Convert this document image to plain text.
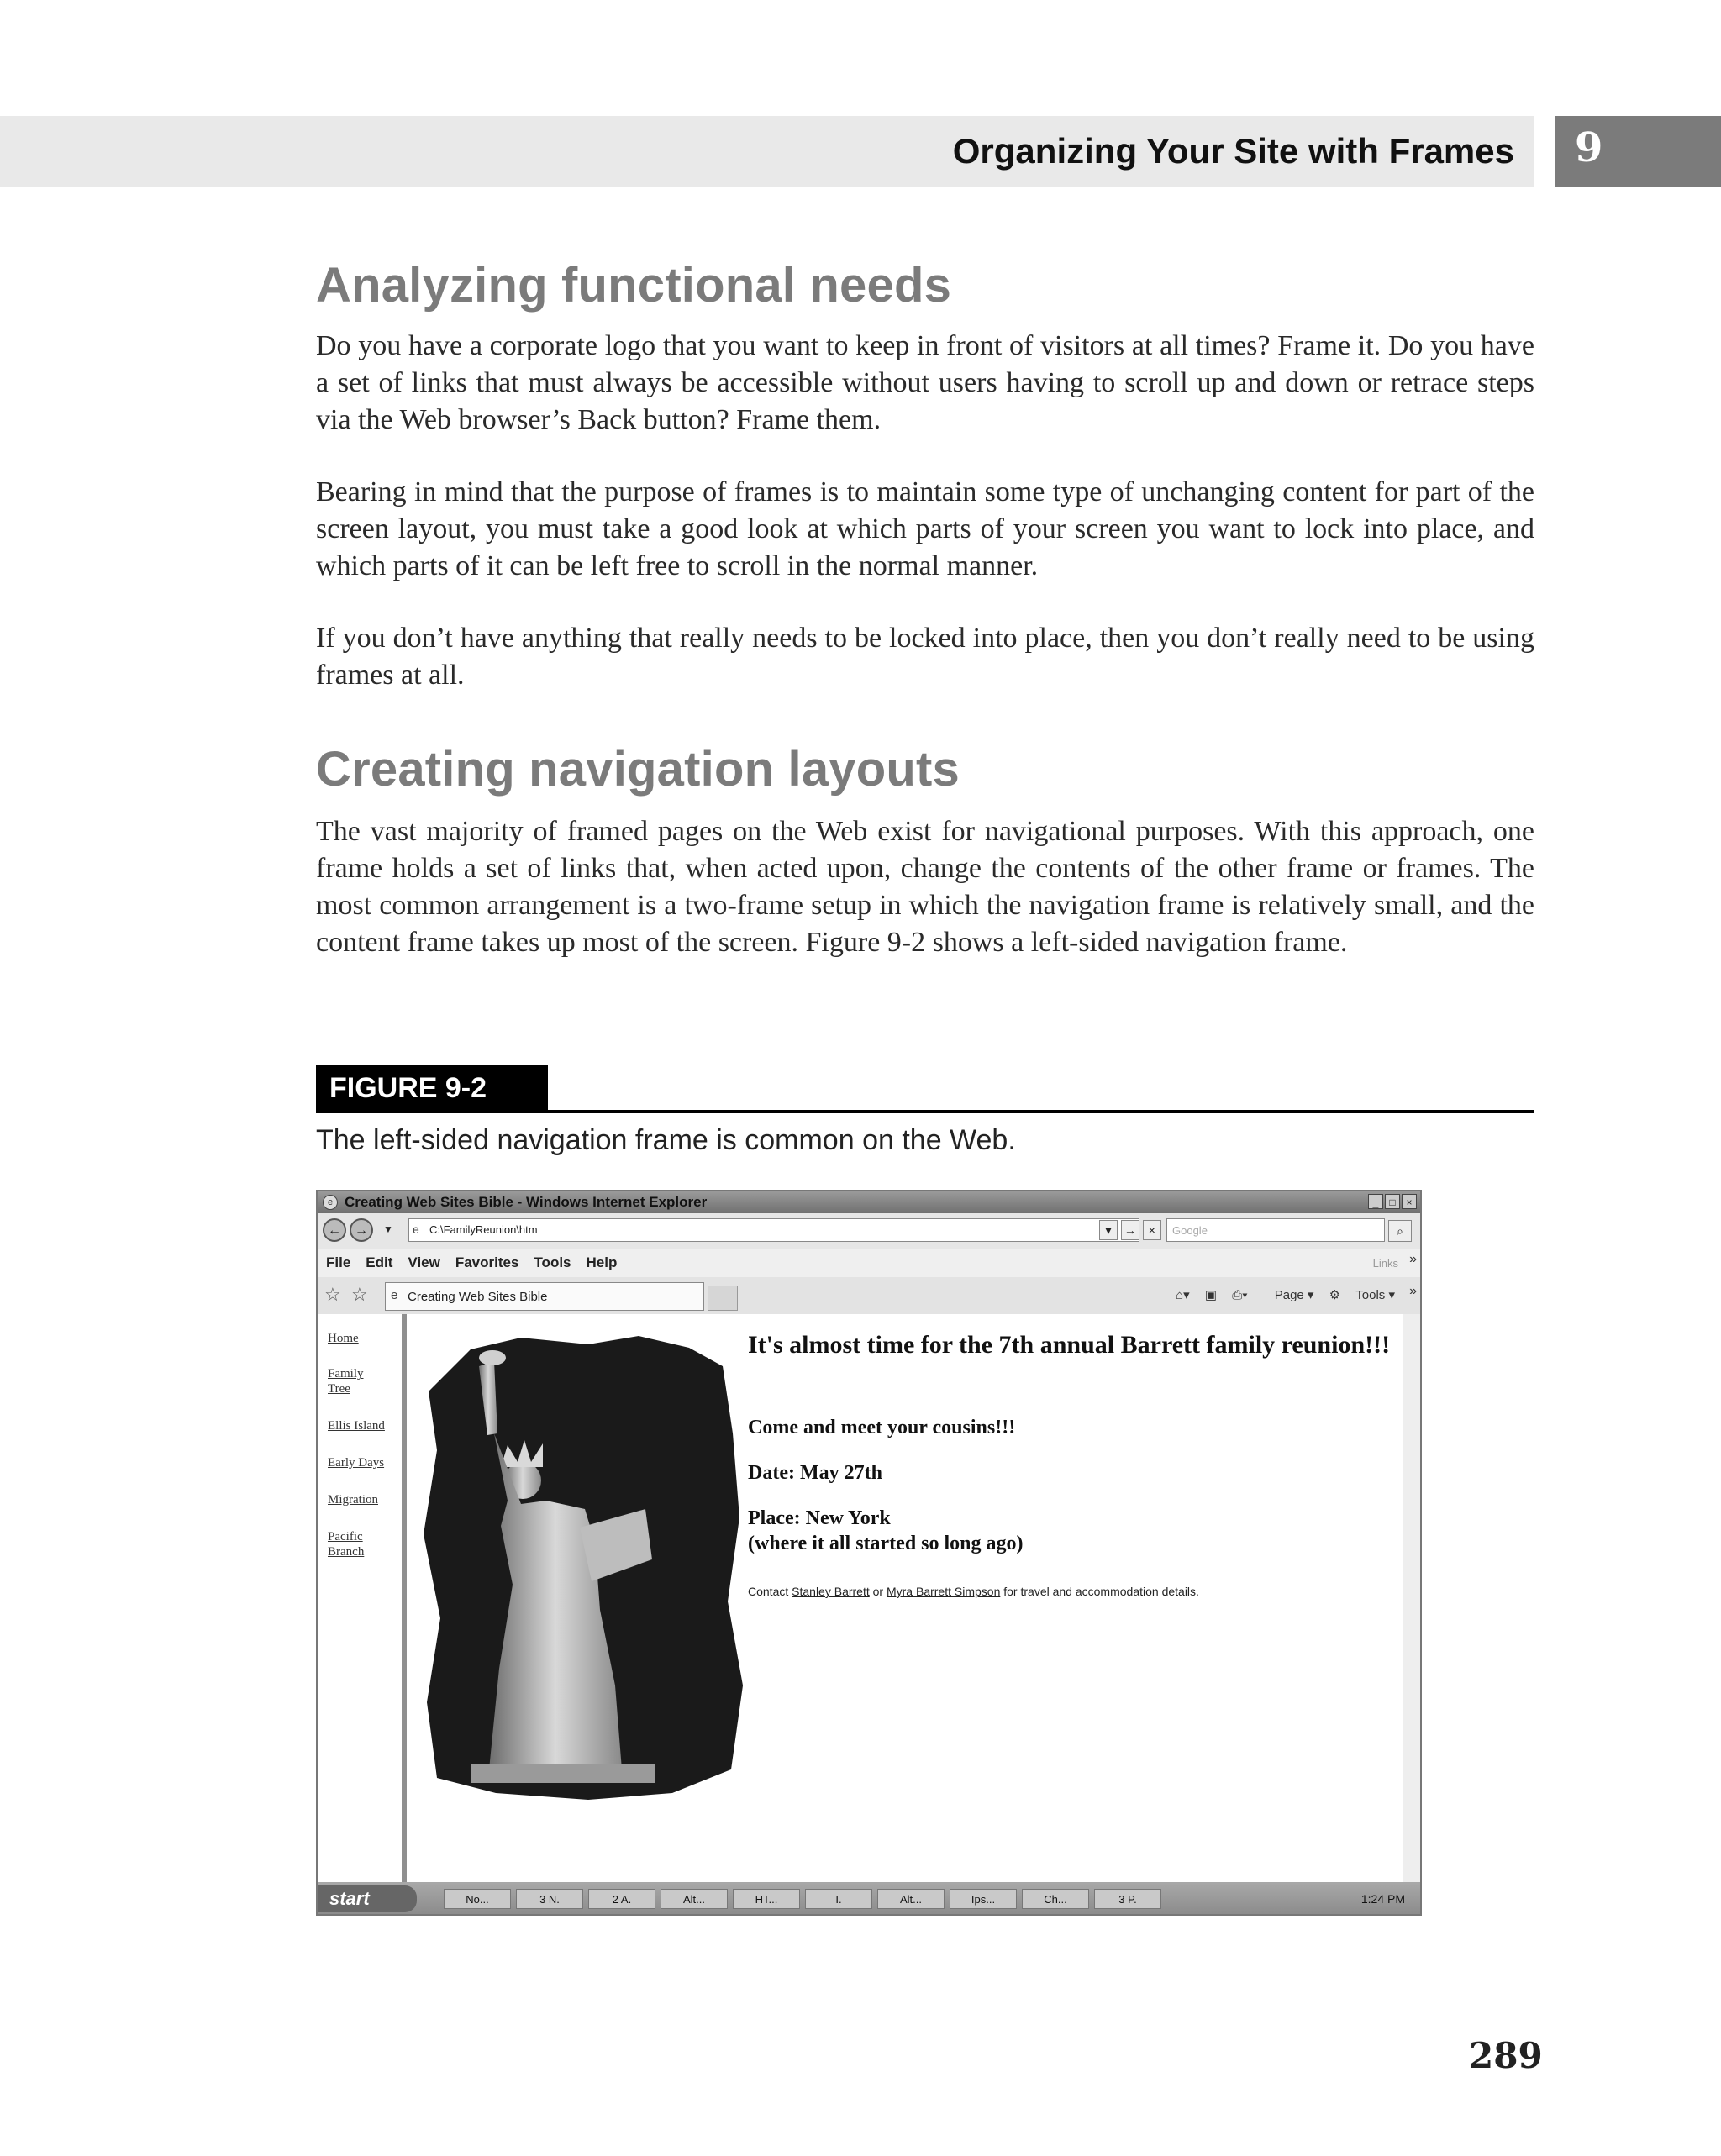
Organizing Your Site with Frames 9
Analyzing functional needs

Do you have a corporate logo that you want to keep in front of visitors at all times? Frame it. Do you have a set of links that must always be accessible without users having to scroll up and down or retrace steps via the Web browser’s Back button? Frame them.

Bearing in mind that the purpose of frames is to maintain some type of unchanging content for part of the screen layout, you must take a good look at which parts of your screen you want to lock into place, and which parts of it can be left free to scroll in the normal manner.

If you don’t have anything that really needs to be locked into place, then you don’t really need to be using frames at all.

Creating navigation layouts

The vast majority of framed pages on the Web exist for navigational purposes. With this approach, one frame holds a set of links that, when acted upon, change the contents of the other frame or frames. The most common arrangement is a two-frame setup in which the navigation frame is relatively small, and the content frame takes up most of the screen. Figure 9-2 shows a left-sided navigation frame.

FIGURE 9-2
The left-sided navigation frame is common on the Web.
e Creating Web Sites Bible - Windows Internet Explorer	_ □ ×
←	→	▼ e C:\FamilyReunion\htm	Google
▾ → ×	⌕
File Edit View Favorites Tools Help	Links »
☆ ☆ e Creating Web Sites Bible	⌂▾ ▣ ⎙▾ Page ▾ ⚙ Tools ▾ »
Home
Family Tree
Ellis Island
Early Days
Migration
Pacific Branch
It's almost time for the 7th annual Barrett family reunion!!!
Come and meet your cousins!!!
Date: May 27th
Place: New York
(where it all started so long ago)
Contact Stanley Barrett or Myra Barrett Simpson for travel and accommodation details.
start	No...	3 N.	2 A.	Alt...	HT...	I.	Alt...	Ips...	Ch...	3 P.	1:24 PM
289
